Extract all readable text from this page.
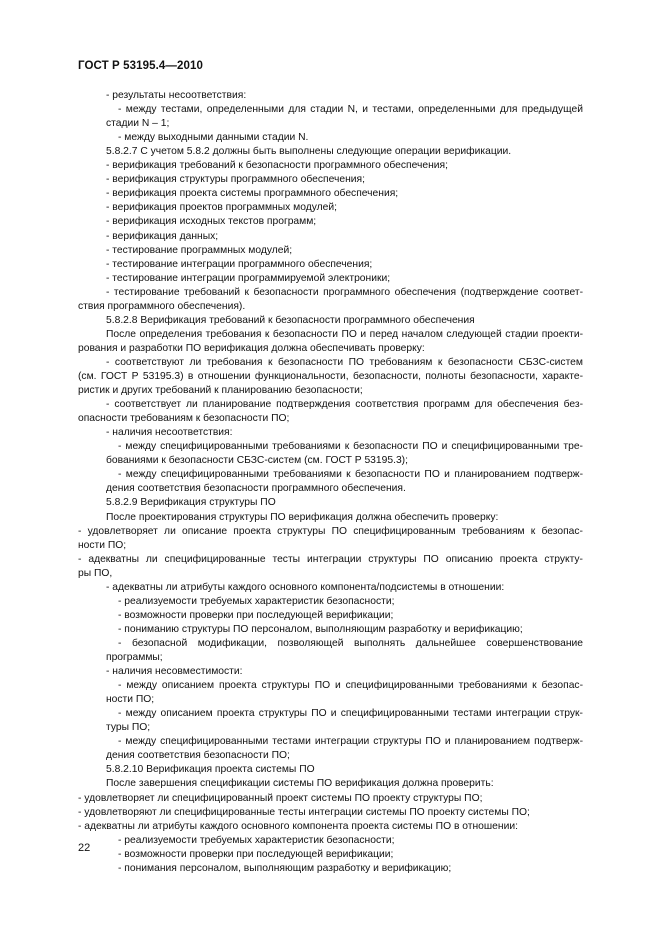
ГОСТ Р 53195.4—2010
- результаты несоответствия:
- между тестами, определенными для стадии N, и тестами, определенными для предыдущей
стадии N – 1;
- между выходными данными стадии N.
5.8.2.7 С учетом 5.8.2 должны быть выполнены следующие операции верификации.
- верификация требований к безопасности программного обеспечения;
- верификация структуры программного обеспечения;
- верификация проекта системы программного обеспечения;
- верификация проектов программных модулей;
- верификация исходных текстов программ;
- верификация данных;
- тестирование программных модулей;
- тестирование интеграции программного обеспечения;
- тестирование интеграции программируемой электроники;
- тестирование требований к безопасности программного обеспечения (подтверждение соответ-
ствия программного обеспечения).
5.8.2.8 Верификация требований к безопасности программного обеспечения
После определения требования к безопасности ПО и перед началом следующей стадии проекти-
рования и разработки ПО верификация должна обеспечивать проверку:
- соответствуют ли требования к безопасности ПО требованиям к безопасности СБЗС-систем
(см. ГОСТ Р 53195.3) в отношении функциональности, безопасности, полноты безопасности, характе-
ристик и других требований к планированию безопасности;
- соответствует ли планирование подтверждения соответствия программ для обеспечения без-
опасности требованиям к безопасности ПО;
- наличия несоответствия:
- между специфицированными требованиями к безопасности ПО и специфицированными тре-
бованиями к безопасности СБЗС-систем (см. ГОСТ Р 53195.3);
- между специфицированными требованиями к безопасности ПО и планированием подтверж-
дения соответствия безопасности программного обеспечения.
5.8.2.9 Верификация структуры ПО
После проектирования структуры ПО верификация должна обеспечить проверку:
- удовлетворяет ли описание проекта структуры ПО специфицированным требованиям к безопас-
ности ПО;
- адекватны ли специфицированные тесты интеграции структуры ПО описанию проекта структу-
ры ПО,
- адекватны ли атрибуты каждого основного компонента/подсистемы в отношении:
- реализуемости требуемых характеристик безопасности;
- возможности проверки при последующей верификации;
- пониманию структуры ПО персоналом, выполняющим разработку и верификацию;
- безопасной модификации, позволяющей выполнять дальнейшее совершенствование
программы;
- наличия несовместимости:
- между описанием проекта структуры ПО и специфицированными требованиями к безопас-
ности ПО;
- между описанием проекта структуры ПО и специфицированными тестами интеграции струк-
туры ПО;
- между специфицированными тестами интеграции структуры ПО и планированием подтверж-
дения соответствия безопасности ПО;
5.8.2.10 Верификация проекта системы ПО
После завершения спецификации системы ПО верификация должна проверить:
- удовлетворяет ли специфицированный проект системы ПО проекту структуры ПО;
- удовлетворяют ли специфицированные тесты интеграции системы ПО проекту системы ПО;
- адекватны ли атрибуты каждого основного компонента проекта системы ПО в отношении:
- реализуемости требуемых характеристик безопасности;
- возможности проверки при последующей верификации;
- понимания персоналом, выполняющим разработку и верификацию;
22
